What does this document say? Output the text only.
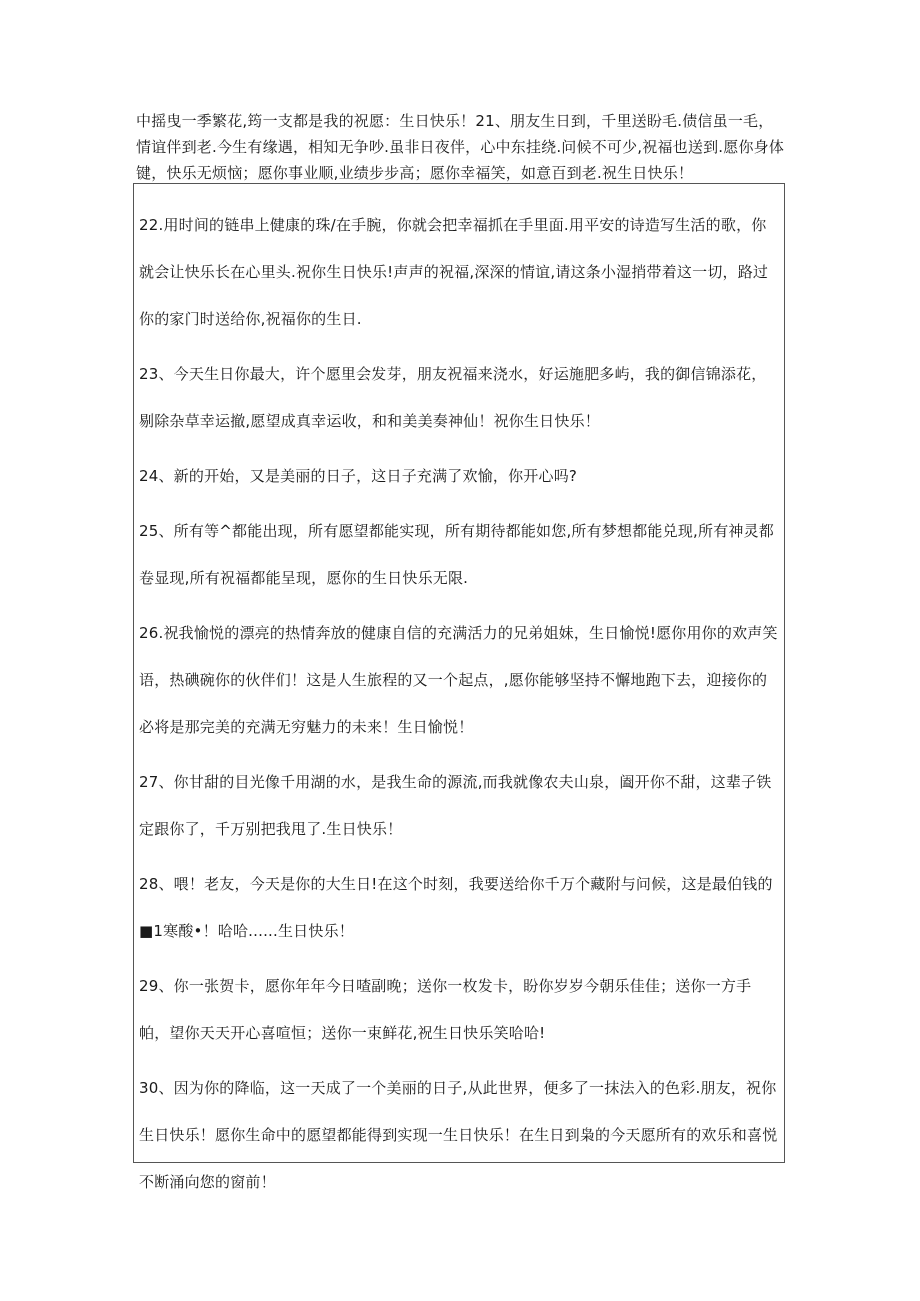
中摇曳一季繁花,筠一支都是我的祝愿：生日快乐！21、朋友生日到，千里送盼毛.债信虽一毛，情谊伴到老.今生有缘遇，相知无争吵.虽非日夜伴，心中东挂绕.问候不可少,祝福也送到.愿你身体键，快乐无烦恼；愿你事业顺,业绩步步高；愿你幸福笑，如意百到老.祝生日快乐！

22.用时间的链串上健康的珠/在手腕，你就会把幸福抓在手里面.用平安的诗造写生活的歌，你就会让快乐长在心里头.祝你生日快乐!声声的祝福,深深的情谊,请这条小湿捎带着这一切，路过你的家门时送给你,祝福你的生日.

23、今天生日你最大，许个愿里会发芽，朋友祝福来浇水，好运施肥多屿，我的御信锦添花，剔除杂草幸运撤,愿望成真幸运收，和和美美奏神仙！祝你生日快乐！

24、新的开始，又是美丽的日子，这日子充满了欢愉，你开心吗?

25、所有等^都能出现，所有愿望都能实现，所有期待都能如您,所有梦想都能兑现,所有神灵都卷显现,所有祝福都能呈现，愿你的生日快乐无限.

26.祝我愉悦的漂亮的热情奔放的健康自信的充满活力的兄弟姐妹，生日愉悦!愿你用你的欢声笑语，热碘碗你的伙伴们！这是人生旅程的又一个起点，,愿你能够坚持不懈地跑下去，迎接你的必将是那完美的充满无穷魅力的未来！生日愉悦！

27、你甘甜的目光像千用湖的水，是我生命的源流,而我就像农夫山泉，阖开你不甜，这辈子铁定跟你了，千万别把我甩了.生日快乐！

28、喂！老友，今天是你的大生日!在这个时刻，我要送给你千万个藏附与问候，这是最伯钱的■1寒酸•！哈哈......生日快乐！

29、你一张贺卡，愿你年年今日喳副晚；送你一枚发卡，盼你岁岁今朝乐佳佳；送你一方手帕，望你天天开心喜喧恒；送你一束鲜花,祝生日快乐笑哈哈!

30、因为你的降临，这一天成了一个美丽的日子,从此世界，便多了一抹法入的色彩.朋友，祝你生日快乐！愿你生命中的愿望都能得到实现一生日快乐！在生日到枭的今天愿所有的欢乐和喜悦不断涌向您的窗前！
